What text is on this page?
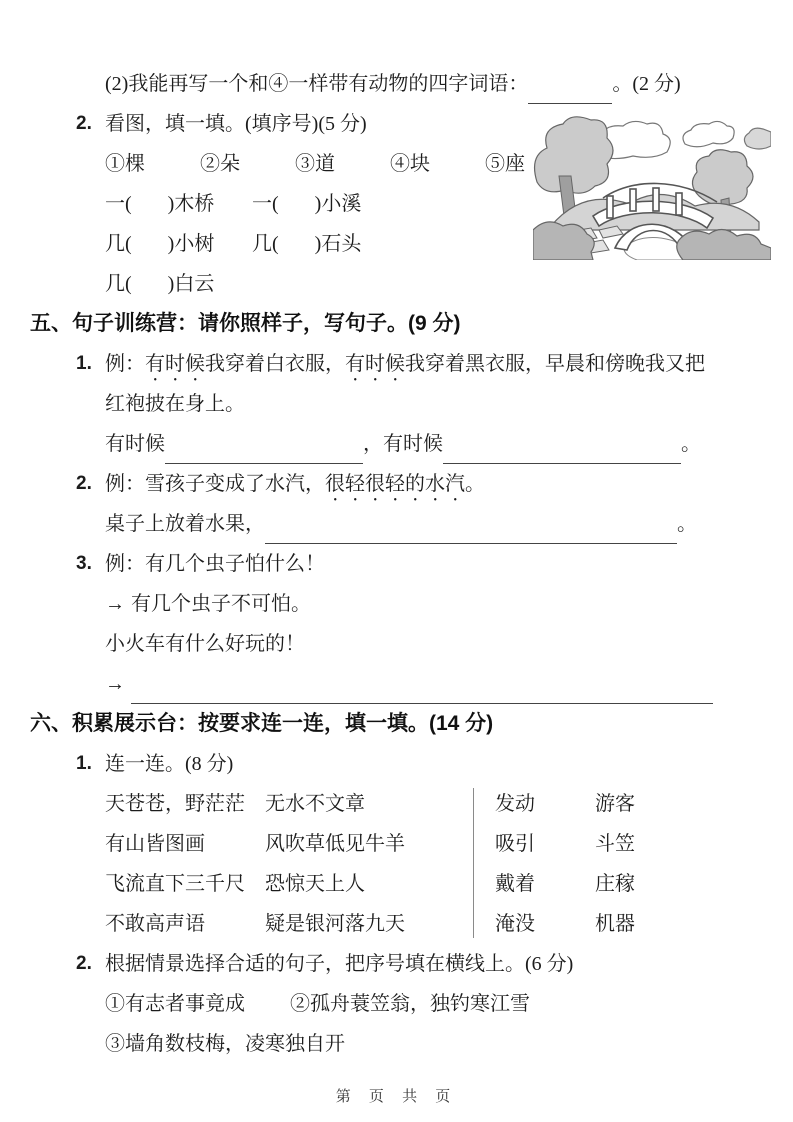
(2)我能再写一个和④一样带有动物的四字词语：	。(2 分)
2. 看图，填一填。(填序号)(5 分)
①棵	②朵	③道	④块	⑤座
一( )木桥 一( )小溪
几( )小树 几( )石头
几( )白云
五、句子训练营：请你照样子，写句子。(9 分)
1. 例：有时候我穿着白衣服，有时候我穿着黑衣服，早晨和傍晚我又把
红袍披在身上。
有时候	，有时候	。
2. 例：雪孩子变成了水汽，很轻很轻的水汽。
桌子上放着水果，	。
3. 例：有几个虫子怕什么！
→ 有几个虫子不可怕。
小火车有什么好玩的！
→
六、积累展示台：按要求连一连，填一填。(14 分)
1. 连一连。(8 分)
天苍苍，野茫茫 无水不文章	发动	游客
有山皆图画	风吹草低见牛羊	吸引	斗笠
飞流直下三千尺 恐惊天上人	戴着	庄稼
不敢高声语	疑是银河落九天	淹没	机器
2. 根据情景选择合适的句子，把序号填在横线上。(6 分)
①有志者事竟成 ②孤舟蓑笠翁，独钓寒江雪
③墙角数枝梅，凌寒独自开
第 页 共 页
